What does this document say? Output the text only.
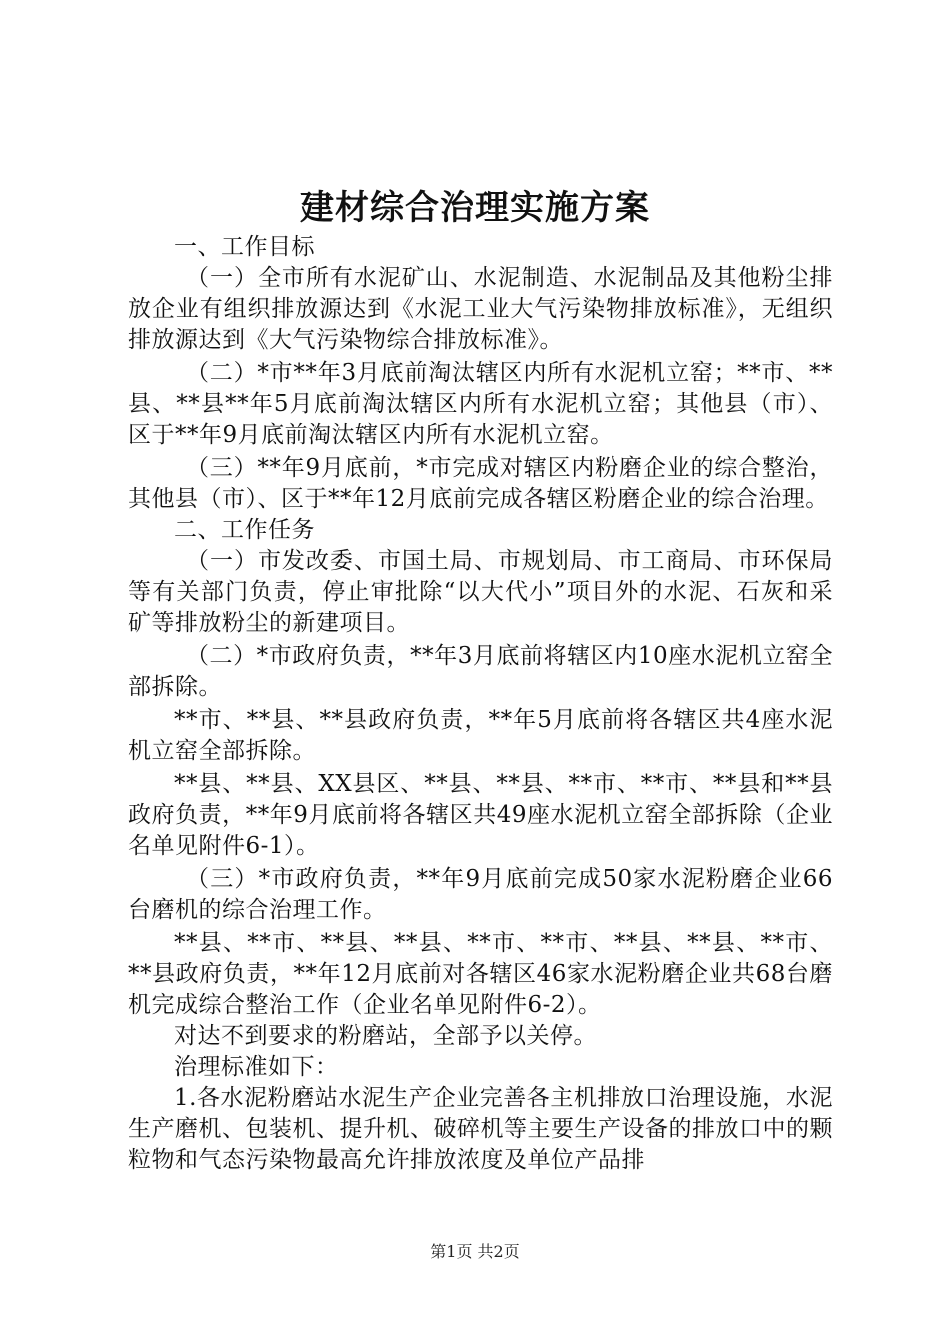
建材综合治理实施方案

一、工作目标

（一）全市所有水泥矿山、水泥制造、水泥制品及其他粉尘排放企业有组织排放源达到《水泥工业大气污染物排放标准》，无组织排放源达到《大气污染物综合排放标准》。

（二）*市**年3月底前淘汰辖区内所有水泥机立窑；**市、**县、**县**年5月底前淘汰辖区内所有水泥机立窑；其他县（市）、区于**年9月底前淘汰辖区内所有水泥机立窑。

（三）**年9月底前，*市完成对辖区内粉磨企业的综合整治，其他县（市）、区于**年12月底前完成各辖区粉磨企业的综合治理。

二、工作任务

（一）市发改委、市国土局、市规划局、市工商局、市环保局等有关部门负责，停止审批除“以大代小”项目外的水泥、石灰和采矿等排放粉尘的新建项目。

（二）*市政府负责，**年3月底前将辖区内10座水泥机立窑全部拆除。

**市、**县、**县政府负责，**年5月底前将各辖区共4座水泥机立窑全部拆除。

**县、**县、XX县区、**县、**县、**市、**市、**县和**县政府负责，**年9月底前将各辖区共49座水泥机立窑全部拆除（企业名单见附件6-1）。

（三）*市政府负责，**年9月底前完成50家水泥粉磨企业66台磨机的综合治理工作。

**县、**市、**县、**县、**市、**市、**县、**县、**市、**县政府负责，**年12月底前对各辖区46家水泥粉磨企业共68台磨机完成综合整治工作（企业名单见附件6-2）。

对达不到要求的粉磨站，全部予以关停。

治理标准如下：

1.各水泥粉磨站水泥生产企业完善各主机排放口治理设施，水泥生产磨机、包装机、提升机、破碎机等主要生产设备的排放口中的颗粒物和气态污染物最高允许排放浓度及单位产品排

第1页 共2页
